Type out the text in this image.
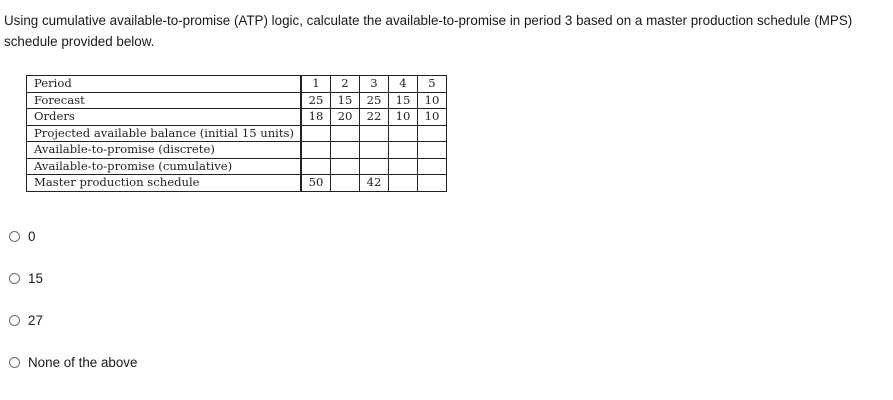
Using cumulative available-to-promise (ATP) logic, calculate the available-to-promise in period 3 based on a master production schedule (MPS) schedule provided below.

Period	1	2	3	4	5
Forecast	25	15	25	15	10
Orders	18	20	22	10	10
Projected available balance (initial 15 units)					
Available-to-promise (discrete)					
Available-to-promise (cumulative)					
Master production schedule	50		42		
0
15
27
None of the above
